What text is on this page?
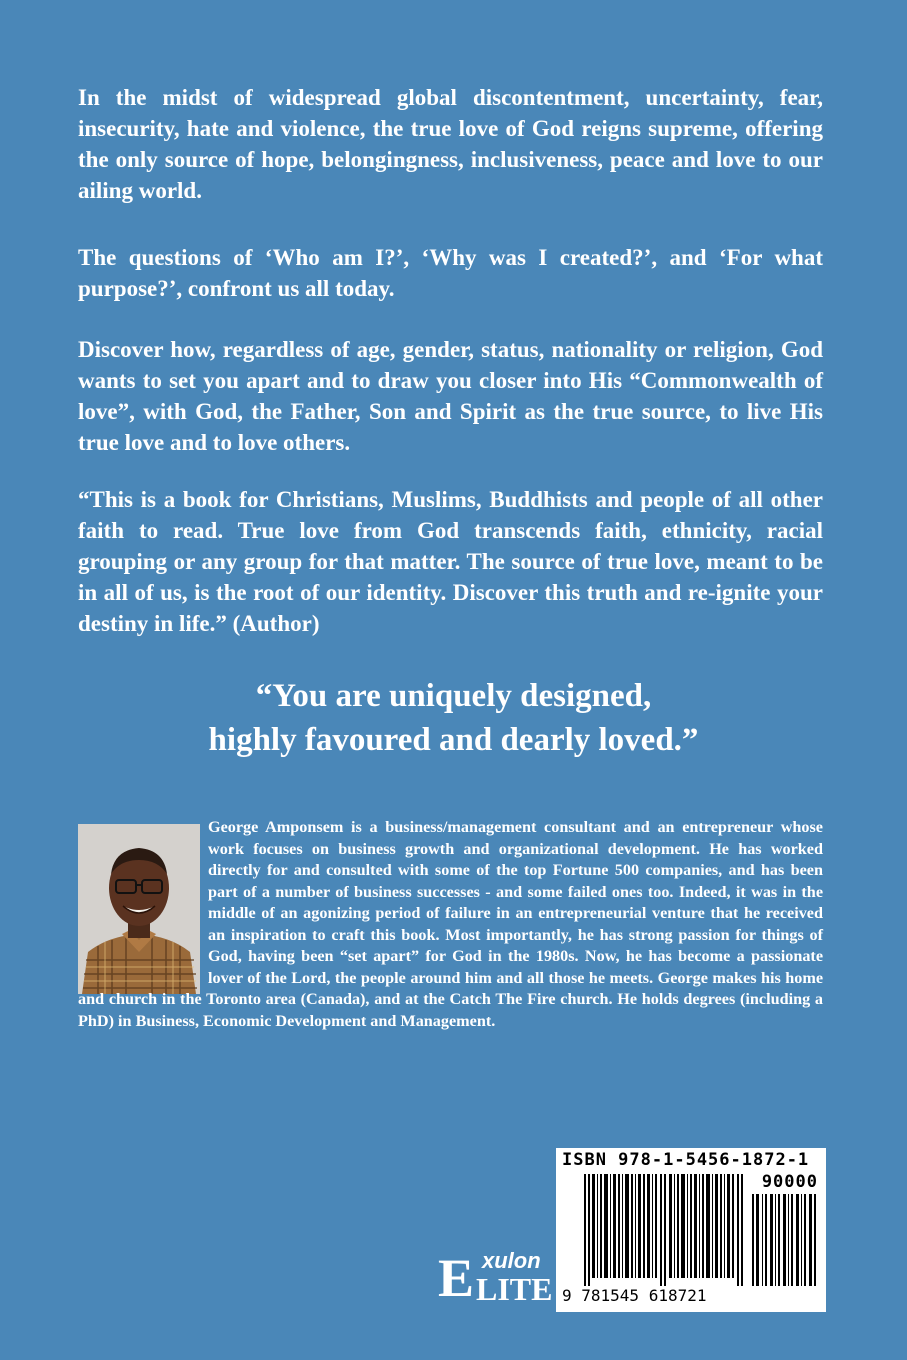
In the midst of widespread global discontentment, uncertainty, fear, insecurity, hate and violence, the true love of God reigns supreme, offering the only source of hope, belongingness, inclusiveness, peace and love to our ailing world.

The questions of ‘Who am I?’, ‘Why was I created?’, and ‘For what purpose?’, confront us all today.

Discover how, regardless of age, gender, status, nationality or religion, God wants to set you apart and to draw you closer into His “Commonwealth of love”, with God, the Father, Son and Spirit as the true source, to live His true love and to love others.

“This is a book for Christians, Muslims, Buddhists and people of all other faith to read. True love from God transcends faith, ethnicity, racial grouping or any group for that matter. The source of true love, meant to be in all of us, is the root of our identity. Discover this truth and re-ignite your destiny in life.” (Author)

“You are uniquely designed,
highly favoured and dearly loved.”

George Amponsem is a business/management consultant and an entrepreneur whose work focuses on business growth and organizational development. He has worked directly for and consulted with some of the top Fortune 500 companies, and has been part of a number of business successes - and some failed ones too. Indeed, it was in the middle of an agonizing period of failure in an entrepreneurial venture that he received an inspiration to craft this book. Most importantly, he has strong passion for things of God, having been “set apart” for God in the 1980s. Now, he has become a passionate lover of the Lord, the people around him and all those he meets. George makes his home and church in the Toronto area (Canada), and at the Catch The Fire church. He holds degrees (including a PhD) in Business, Economic Development and Management.

ISBN 978-1-5456-1872-1
90000
9 781545 618721
E xulon
LITE
